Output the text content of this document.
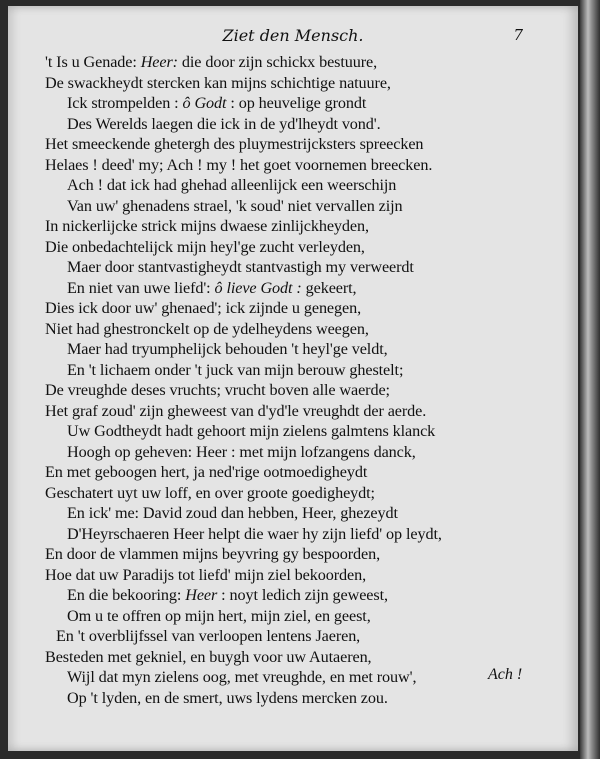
Ziet den Mensch.	7
't Is u Genade: Heer: die door zijn schickx bestuure,
De swackheydt stercken kan mijns schichtige natuure,
Ick strompelden : ô Godt : op heuvelige grondt
Des Werelds laegen die ick in de yd'lheydt vond'.
Het smeeckende ghetergh des pluymestrijcksters spreecken
Helaes ! deed' my; Ach ! my ! het goet voornemen breecken.
Ach ! dat ick had ghehad alleenlijck een weerschijn
Van uw' ghenadens strael, 'k soud' niet vervallen zijn
In nickerlijcke strick mijns dwaese zinlijckheyden,
Die onbedachtelijck mijn heyl'ge zucht verleyden,
Maer door stantvastigheydt stantvastigh my verweerdt
En niet van uwe liefd': ô lieve Godt : gekeert,
Dies ick door uw' ghenaed'; ick zijnde u genegen,
Niet had ghestronckelt op de ydelheydens weegen,
Maer had tryumphelijck behouden 't heyl'ge veldt,
En 't lichaem onder 't juck van mijn berouw ghestelt;
De vreughde deses vruchts; vrucht boven alle waerde;
Het graf zoud' zijn gheweest van d'yd'le vreughdt der aerde.
Uw Godtheydt hadt gehoort mijn zielens galmtens klanck
Hoogh op geheven: Heer : met mijn lofzangens danck,
En met geboogen hert, ja ned'rige ootmoedigheydt
Geschatert uyt uw loff, en over groote goedigheydt;
En ick' me: David zoud dan hebben, Heer, ghezeydt
D'Heyrschaeren Heer helpt die waer hy zijn liefd' op leydt,
En door de vlammen mijns beyvring gy bespoorden,
Hoe dat uw Paradijs tot liefd' mijn ziel bekoorden,
En die bekooring: Heer : noyt ledich zijn geweest,
Om u te offren op mijn hert, mijn ziel, en geest,
En 't overblijfssel van verloopen lentens Jaeren,
Besteden met gekniel, en buygh voor uw Autaeren,
Wijl dat myn zielens oog, met vreughde, en met rouw',
Op 't lyden, en de smert, uws lydens mercken zou.
Ach !
